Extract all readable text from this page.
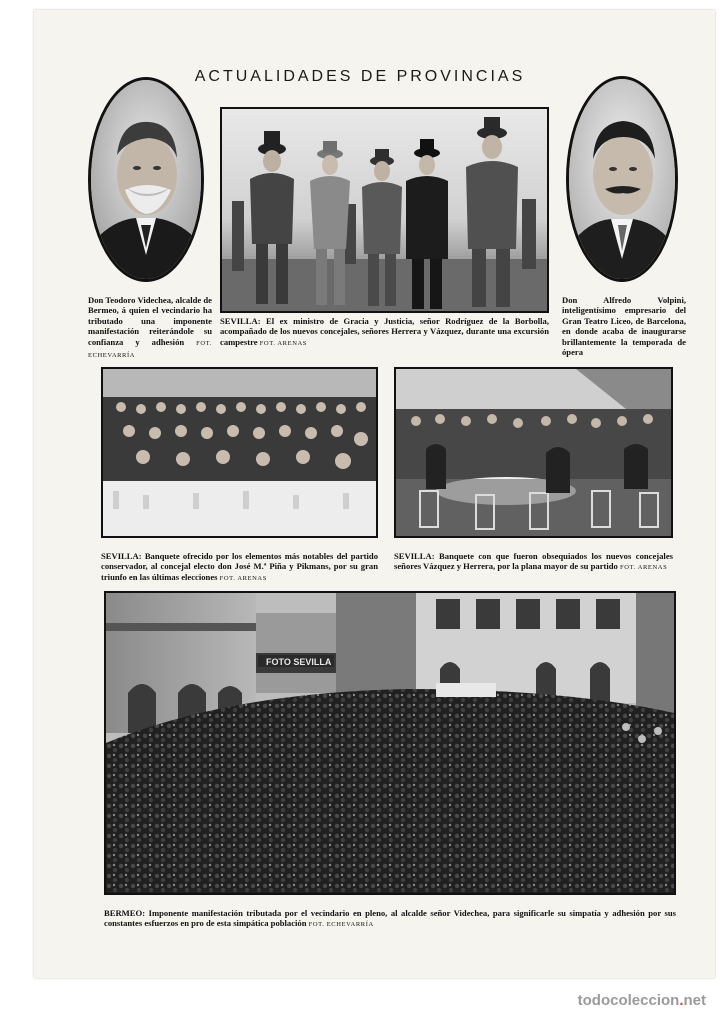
ACTUALIDADES DE PROVINCIAS
Don Teodoro Videchea, alcalde de Bermeo, á quien el vecindario ha tributado una imponente manifestación reiterándole su confianza y adhesión FOT. ECHEVARRÍA
SEVILLA: El ex ministro de Gracia y Justicia, señor Rodríguez de la Borbolla, acompañado de los nuevos concejales, señores Herrera y Vázquez, durante una excursión campestre FOT. ARENAS
Don Alfredo Volpini, inteligentísimo empresario del Gran Teatro Liceo, de Barcelona, en donde acaba de inaugurarse brillantemente la temporada de ópera
SEVILLA: Banquete ofrecido por los elementos más notables del partido conservador, al concejal electo don José M.ª Piña y Pikmans, por su gran triunfo en las últimas elecciones FOT. ARENAS
SEVILLA: Banquete con que fueron obsequiados los nuevos concejales señores Vázquez y Herrera, por la plana mayor de su partido FOT. ARENAS
FOTO SEVILLA
BERMEO: Imponente manifestación tributada por el vecindario en pleno, al alcalde señor Videchea, para significarle su simpatía y adhesión por sus constantes esfuerzos en pro de esta simpática población FOT. ECHEVARRÍA
todocoleccion.net
